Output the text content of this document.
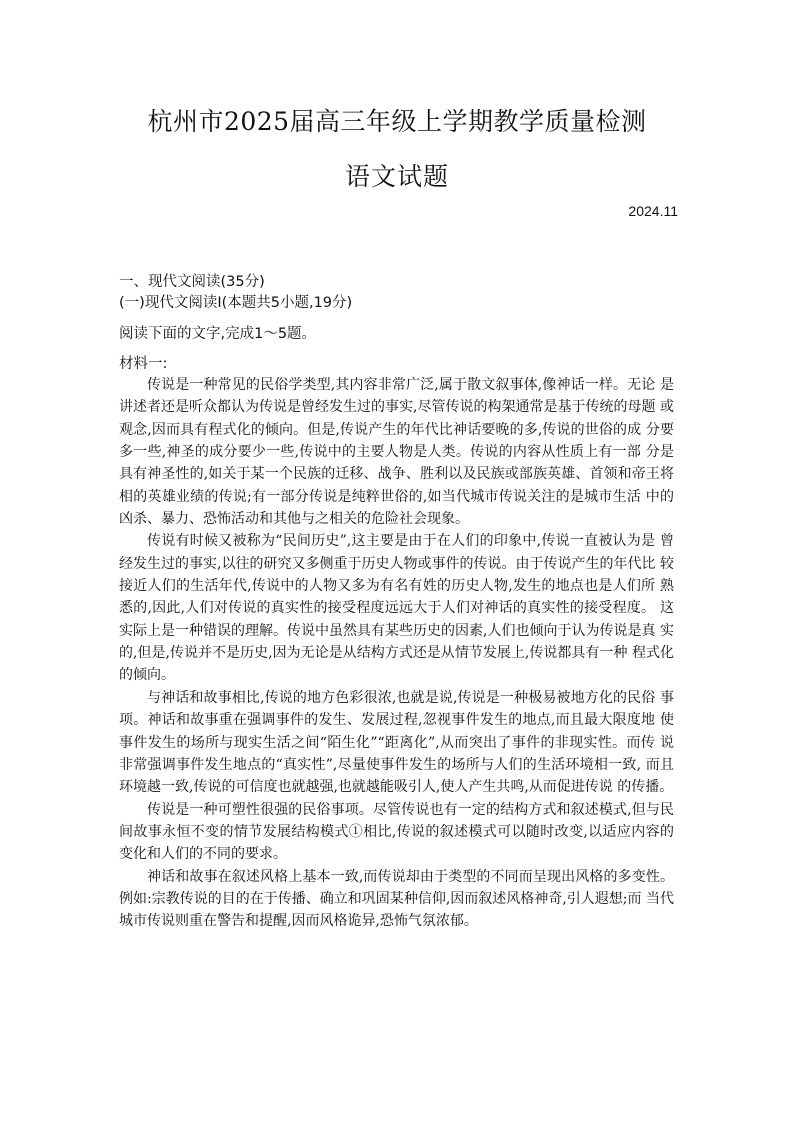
杭州市2025届高三年级上学期教学质量检测
语文试题
2024.11
一、现代文阅读(35分)
(一)现代文阅读Ⅰ(本题共5小题,19分)
阅读下面的文字,完成1～5题。
材料一:

传说是一种常见的民俗学类型,其内容非常广泛,属于散文叙事体,像神话一样。无论 是讲述者还是听众都认为传说是曾经发生过的事实,尽管传说的构架通常是基于传统的母题 或观念,因而具有程式化的倾向。但是,传说产生的年代比神话要晚的多,传说的世俗的成 分要多一些,神圣的成分要少一些,传说中的主要人物是人类。传说的内容从性质上有一部 分是具有神圣性的,如关于某一个民族的迁移、战争、胜利以及民族或部族英雄、首领和帝王将相的英雄业绩的传说;有一部分传说是纯粹世俗的,如当代城市传说关注的是城市生活 中的凶杀、暴力、恐怖活动和其他与之相关的危险社会现象。

传说有时候又被称为“民间历史”,这主要是由于在人们的印象中,传说一直被认为是 曾经发生过的事实,以往的研究又多侧重于历史人物或事件的传说。由于传说产生的年代比 较接近人们的生活年代,传说中的人物又多为有名有姓的历史人物,发生的地点也是人们所 熟悉的,因此,人们对传说的真实性的接受程度远远大于人们对神话的真实性的接受程度。 这实际上是一种错误的理解。传说中虽然具有某些历史的因素,人们也倾向于认为传说是真 实的,但是,传说并不是历史,因为无论是从结构方式还是从情节发展上,传说都具有一种 程式化的倾向。

与神话和故事相比,传说的地方色彩很浓,也就是说,传说是一种极易被地方化的民俗 事项。神话和故事重在强调事件的发生、发展过程,忽视事件发生的地点,而且最大限度地 使事件发生的场所与现实生活之间“陌生化”“距离化”,从而突出了事件的非现实性。而传 说非常强调事件发生地点的“真实性”,尽量使事件发生的场所与人们的生活环境相一致, 而且环境越一致,传说的可信度也就越强,也就越能吸引人,使人产生共鸣,从而促进传说 的传播。

传说是一种可塑性很强的民俗事项。尽管传说也有一定的结构方式和叙述模式,但与民 间故事永恒不变的情节发展结构模式①相比,传说的叙述模式可以随时改变,以适应内容的 变化和人们的不同的要求。

神话和故事在叙述风格上基本一致,而传说却由于类型的不同而呈现出风格的多变性。 例如:宗教传说的目的在于传播、确立和巩固某种信仰,因而叙述风格神奇,引人遐想;而 当代城市传说则重在警告和提醒,因而风格诡异,恐怖气氛浓郁。
